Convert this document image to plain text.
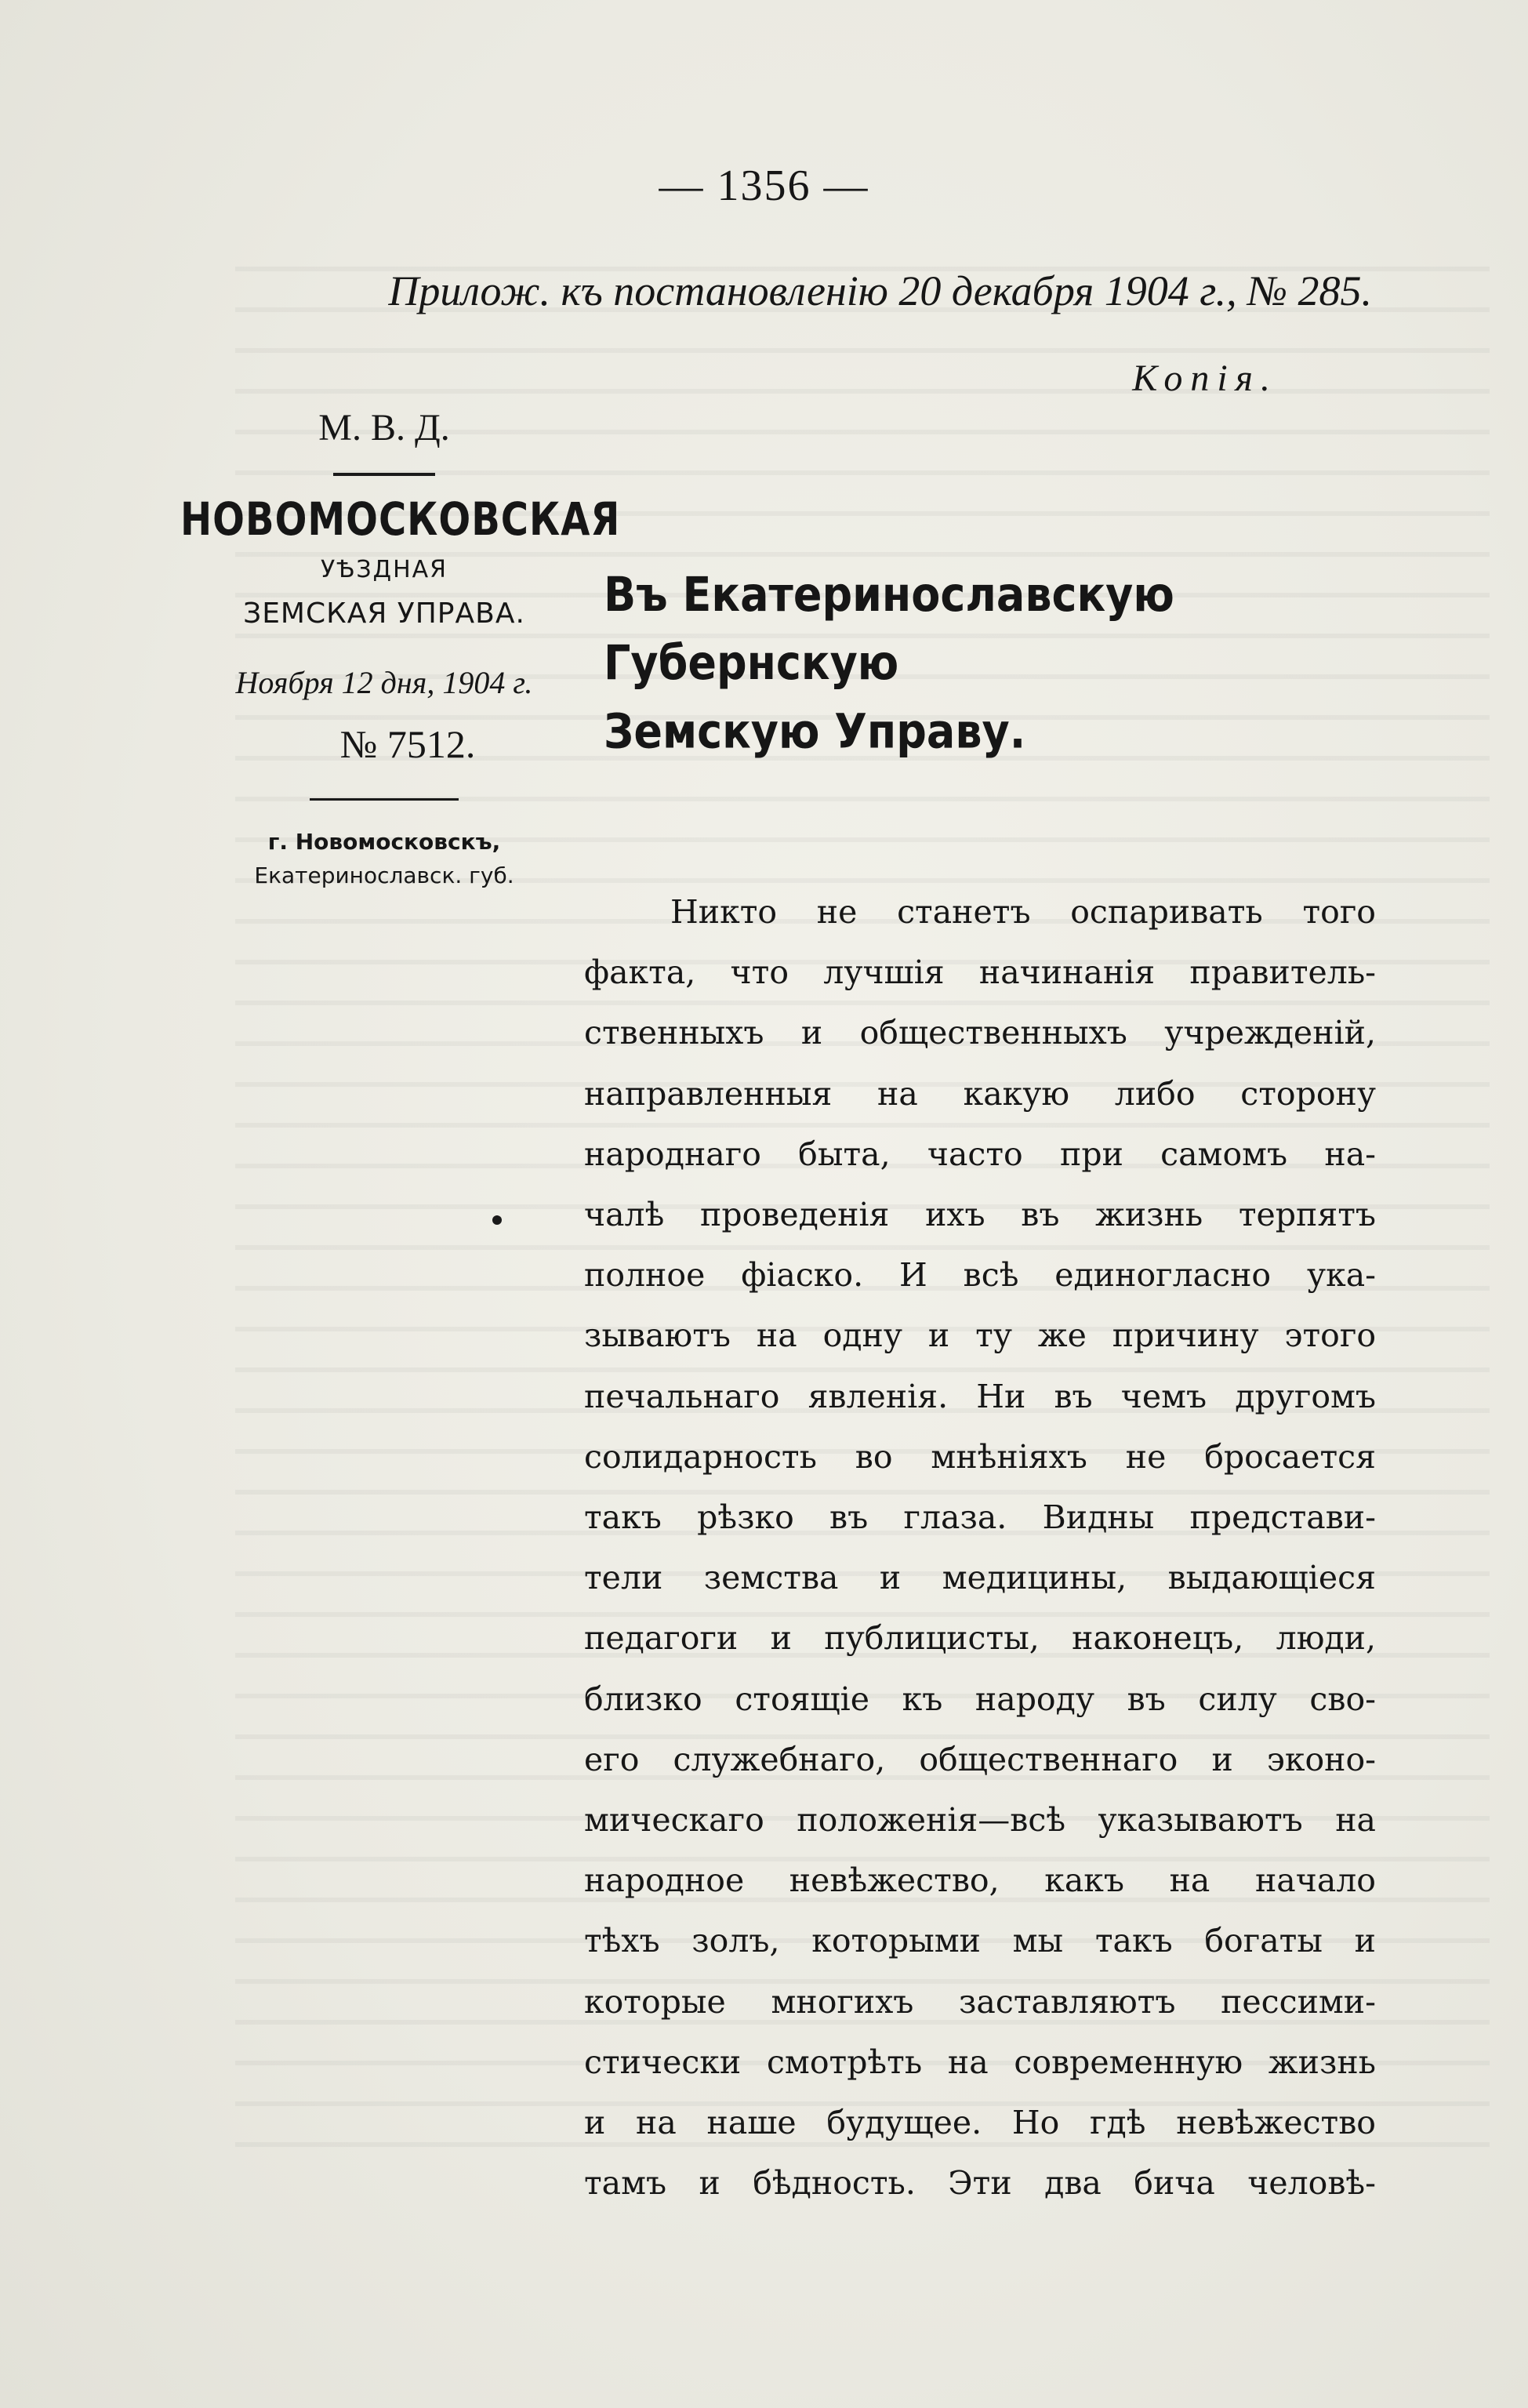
— 1356 —
Прилож. къ постановленію 20 декабря 1904 г., № 285.
Копія.
М. В. Д.
НОВОМОСКОВСКАЯ
УѢЗДНАЯ
ЗЕМСКАЯ УПРАВА.
Ноября 12 дня, 1904 г.
№ 7512.
г. Новомосковскъ,
Екатеринославск. губ.
Въ Екатеринославскую Губернскую
Земскую Управу.
Никто не станетъ оспаривать того
факта, что лучшія начинанія правитель-
ственныхъ и общественныхъ учрежденій,
направленныя на какую либо сторону
народнаго быта, часто при самомъ на-
чалѣ проведенія ихъ въ жизнь терпятъ
полное фіаско. И всѣ единогласно ука-
зываютъ на одну и ту же причину этого
печальнаго явленія. Ни въ чемъ другомъ
солидарность во мнѣніяхъ не бросается
такъ рѣзко въ глаза. Видны представи-
тели земства и медицины, выдающіеся
педагоги и публицисты, наконецъ, люди,
близко стоящіе къ народу въ силу сво-
его служебнаго, общественнаго и эконо-
мическаго положенія—всѣ указываютъ на
народное невѣжество, какъ на начало
тѣхъ золъ, которыми мы такъ богаты и
которые многихъ заставляютъ пессими-
стически смотрѣть на современную жизнь
и на наше будущее. Но гдѣ невѣжество
тамъ и бѣдность. Эти два бича человѣ-
